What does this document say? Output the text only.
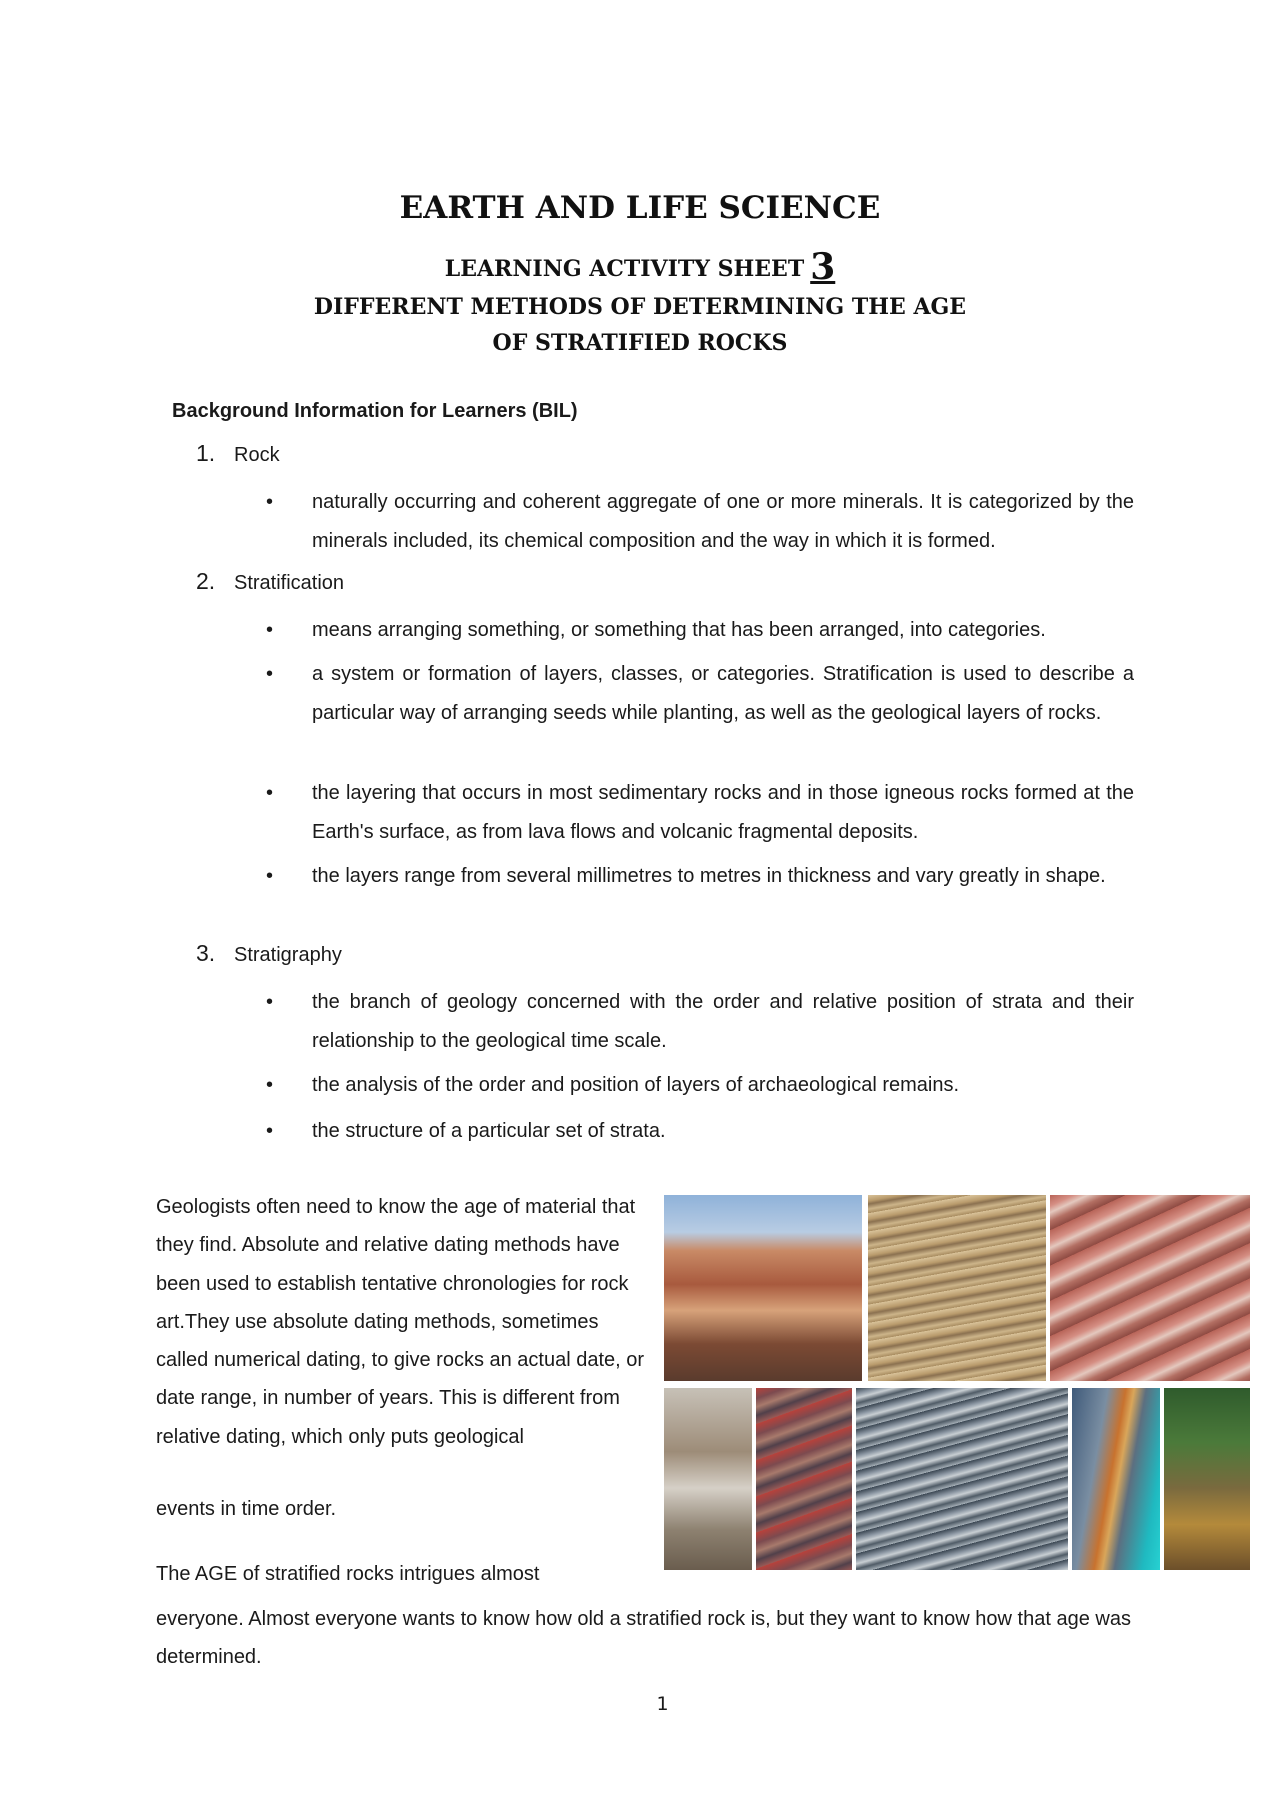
EARTH AND LIFE SCIENCE
LEARNING ACTIVITY SHEET 3
DIFFERENT METHODS OF DETERMINING THE AGE
OF STRATIFIED ROCKS
Background Information for Learners (BIL)
1. Rock
• naturally occurring and coherent aggregate of one or more minerals. It is categorized by the minerals included, its chemical composition and the way in which it is formed.
2. Stratification
• means arranging something, or something that has been arranged, into categories.
• a system or formation of layers, classes, or categories. Stratification is used to describe a particular way of arranging seeds while planting, as well as the geological layers of rocks.
• the layering that occurs in most sedimentary rocks and in those igneous rocks formed at the Earth's surface, as from lava flows and volcanic fragmental deposits.
• the layers range from several millimetres to metres in thickness and vary greatly in shape.
3. Stratigraphy
• the branch of geology concerned with the order and relative position of strata and their relationship to the geological time scale.
• the analysis of the order and position of layers of archaeological remains.
• the structure of a particular set of strata.
Geologists often need to know the age of material that they find. Absolute and relative dating methods have been used to establish tentative chronologies for rock art.They use absolute dating methods, sometimes called numerical dating, to give rocks an actual date, or date range, in number of years. This is different from relative dating, which only puts geological
events in time order.
The AGE of stratified rocks intrigues almost
everyone. Almost everyone wants to know how old a stratified rock is, but they want to know how that age was determined.
1
